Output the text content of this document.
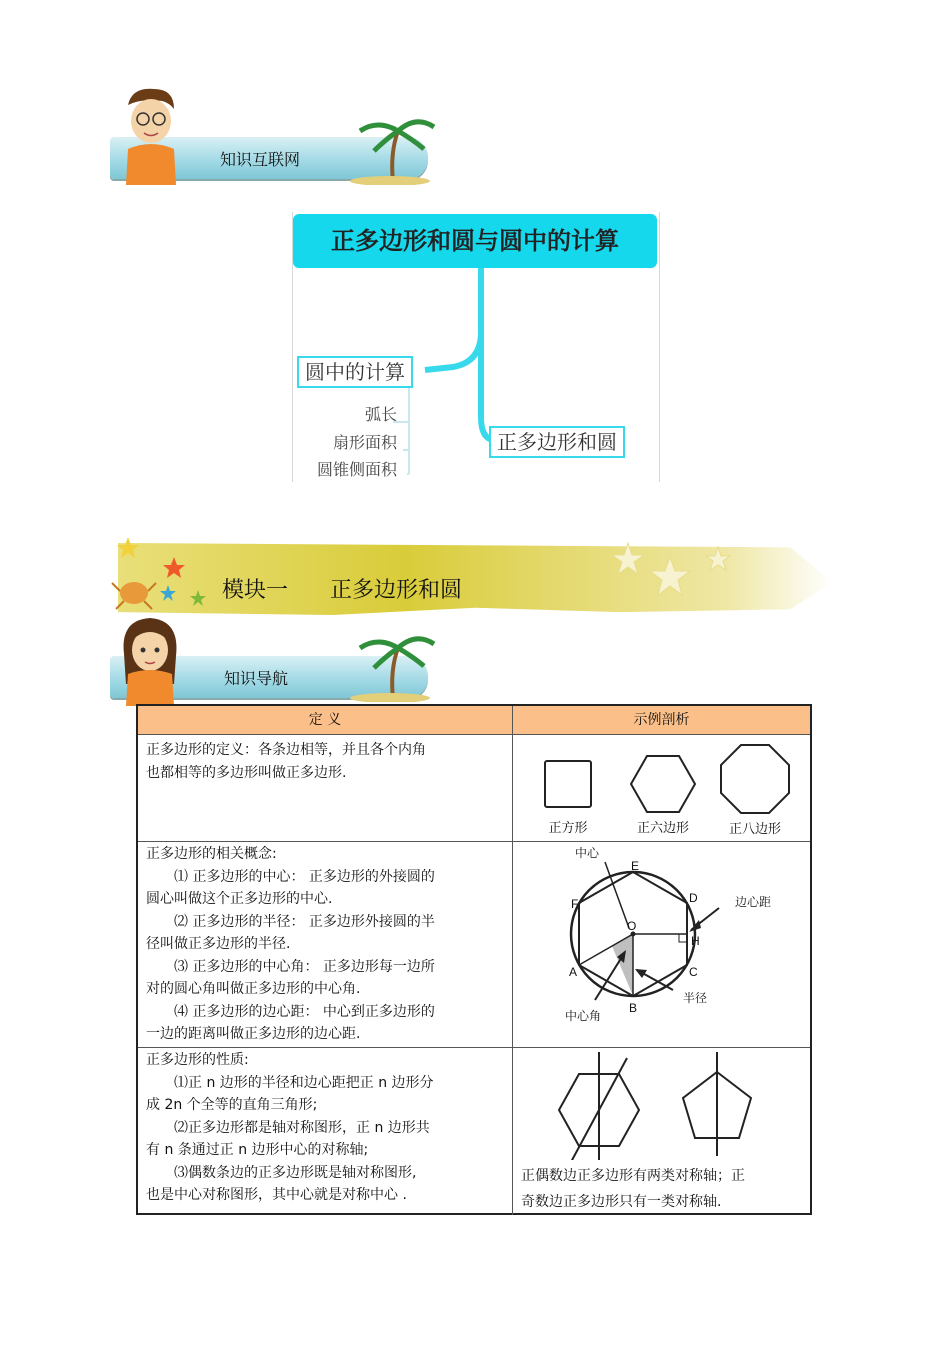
知识互联网
正多边形和圆与圆中的计算
圆中的计算
正多边形和圆
弧长
扇形面积
圆锥侧面积
模块一 正多边形和圆
知识导航
定 义	示例剖析

正多边形的定义：各条边相等，并且各个内角

也都相等的多边形叫做正多边形.

正方形	正六边形	正八边形

正多边形的相关概念:

⑴ 正多边形的中心： 正多边形的外接圆的

圆心叫做这个正多边形的中心.

⑵ 正多边形的半径： 正多边形外接圆的半

径叫做正多边形的半径.

⑶ 正多边形的中心角： 正多边形每一边所

对的圆心角叫做正多边形的中心角.

⑷ 正多边形的边心距： 中心到正多边形的

一边的距离叫做正多边形的边心距.

中心
边心距
半径
中心角
E
D
F
O
H
A	C
B

正多边形的性质:

⑴正 n 边形的半径和边心距把正 n 边形分

成 2n 个全等的直角三角形;

⑵正多边形都是轴对称图形，正 n 边形共

有 n 条通过正 n 边形中心的对称轴;

⑶偶数条边的正多边形既是轴对称图形,

也是中心对称图形，其中心就是对称中心 .

正偶数边正多边形有两类对称轴；正

奇数边正多边形只有一类对称轴.
